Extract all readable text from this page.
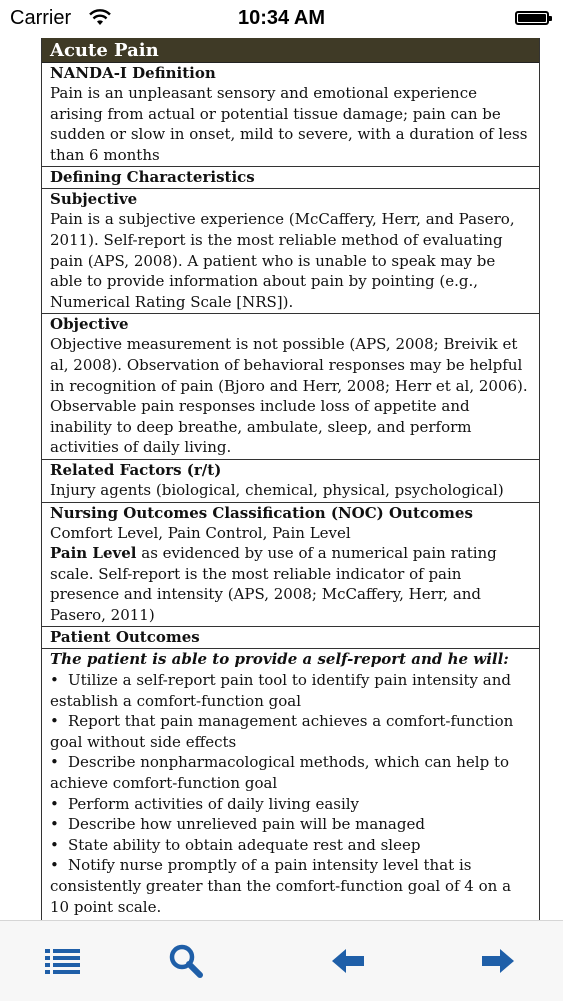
Carrier	10:34 AM
Acute Pain

NANDA-I Definition

Pain is an unpleasant sensory and emotional experience arising from actual or potential tissue damage; pain can be sudden or slow in onset, mild to severe, with a duration of less than 6 months

Defining Characteristics

Subjective

Pain is a subjective experience (McCaffery, Herr, and Pasero, 2011). Self-report is the most reliable method of evaluating pain (APS, 2008). A patient who is unable to speak may be able to provide information about pain by pointing (e.g., Numerical Rating Scale [NRS]).

Objective

Objective measurement is not possible (APS, 2008; Breivik et al, 2008). Observation of behavioral responses may be helpful in recognition of pain (Bjoro and Herr, 2008; Herr et al, 2006). Observable pain responses include loss of appetite and inability to deep breathe, ambulate, sleep, and perform activities of daily living.

Related Factors (r/t)

Injury agents (biological, chemical, physical, psychological)

Nursing Outcomes Classification (NOC) Outcomes

Comfort Level, Pain Control, Pain Level

Pain Level as evidenced by use of a numerical pain rating scale. Self-report is the most reliable indicator of pain presence and intensity (APS, 2008; McCaffery, Herr, and Pasero, 2011)

Patient Outcomes

The patient is able to provide a self-report and he will:

• Utilize a self-report pain tool to identify pain intensity and establish a comfort-function goal

• Report that pain management achieves a comfort-function goal without side effects

• Describe nonpharmacological methods, which can help to achieve comfort-function goal

• Perform activities of daily living easily

• Describe how unrelieved pain will be managed

• State ability to obtain adequate rest and sleep

• Notify nurse promptly of a pain intensity level that is consistently greater than the comfort-function goal of 4 on a 10 point scale.
